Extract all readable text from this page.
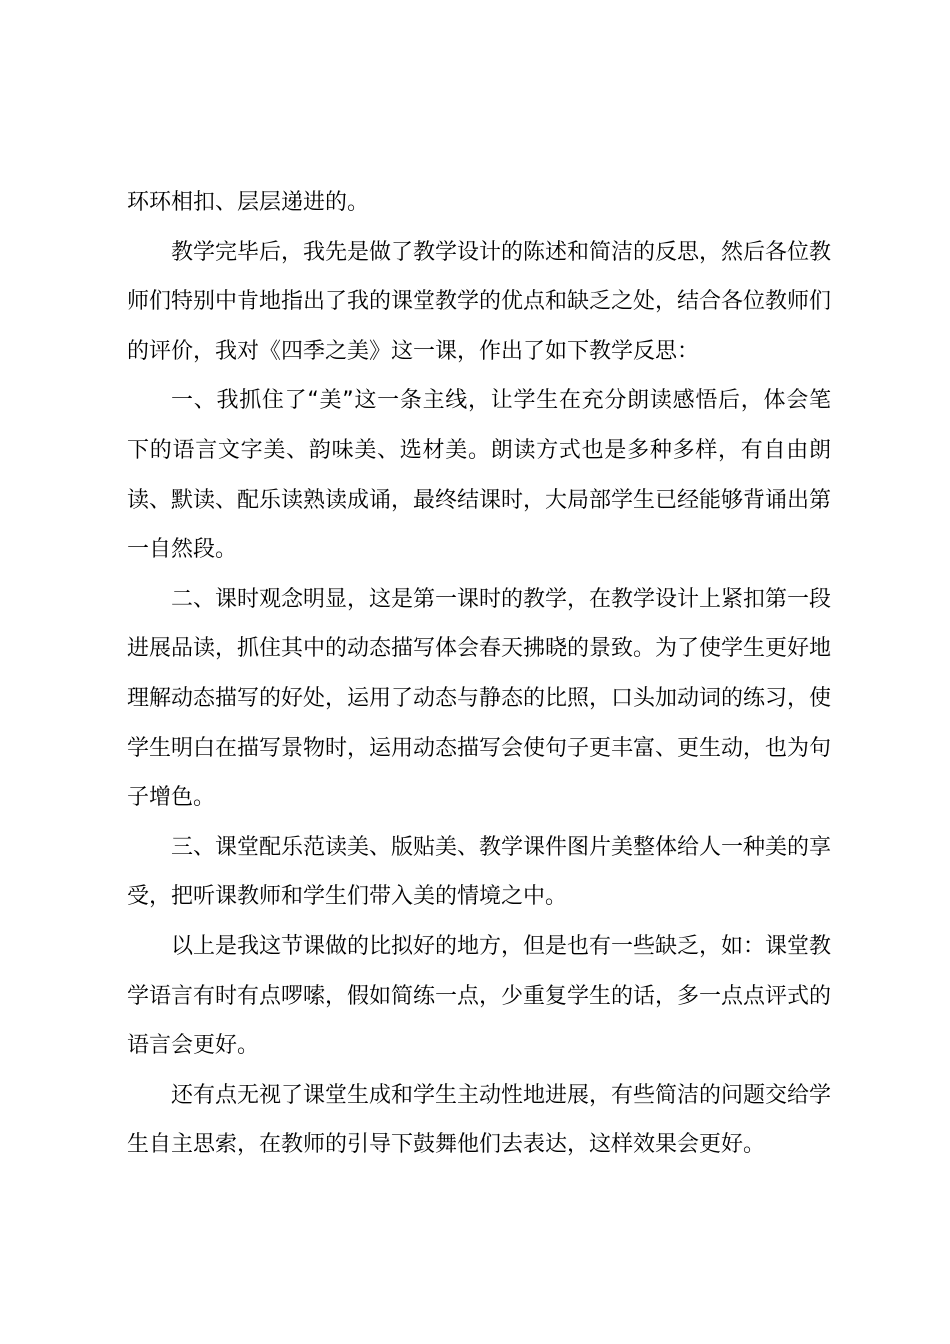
环环相扣、层层递进的。

教学完毕后，我先是做了教学设计的陈述和简洁的反思，然后各位教师们特别中肯地指出了我的课堂教学的优点和缺乏之处，结合各位教师们的评价，我对《四季之美》这一课，作出了如下教学反思：

一、我抓住了“美”这一条主线，让学生在充分朗读感悟后，体会笔下的语言文字美、韵味美、选材美。朗读方式也是多种多样，有自由朗读、默读、配乐读熟读成诵，最终结课时，大局部学生已经能够背诵出第一自然段。

二、课时观念明显，这是第一课时的教学，在教学设计上紧扣第一段进展品读，抓住其中的动态描写体会春天拂晓的景致。为了使学生更好地理解动态描写的好处，运用了动态与静态的比照，口头加动词的练习，使学生明白在描写景物时，运用动态描写会使句子更丰富、更生动，也为句子增色。

三、课堂配乐范读美、版贴美、教学课件图片美整体给人一种美的享受，把听课教师和学生们带入美的情境之中。

以上是我这节课做的比拟好的地方，但是也有一些缺乏，如：课堂教学语言有时有点啰嗦，假如简练一点，少重复学生的话，多一点点评式的语言会更好。

还有点无视了课堂生成和学生主动性地进展，有些简洁的问题交给学生自主思索，在教师的引导下鼓舞他们去表达，这样效果会更好。
